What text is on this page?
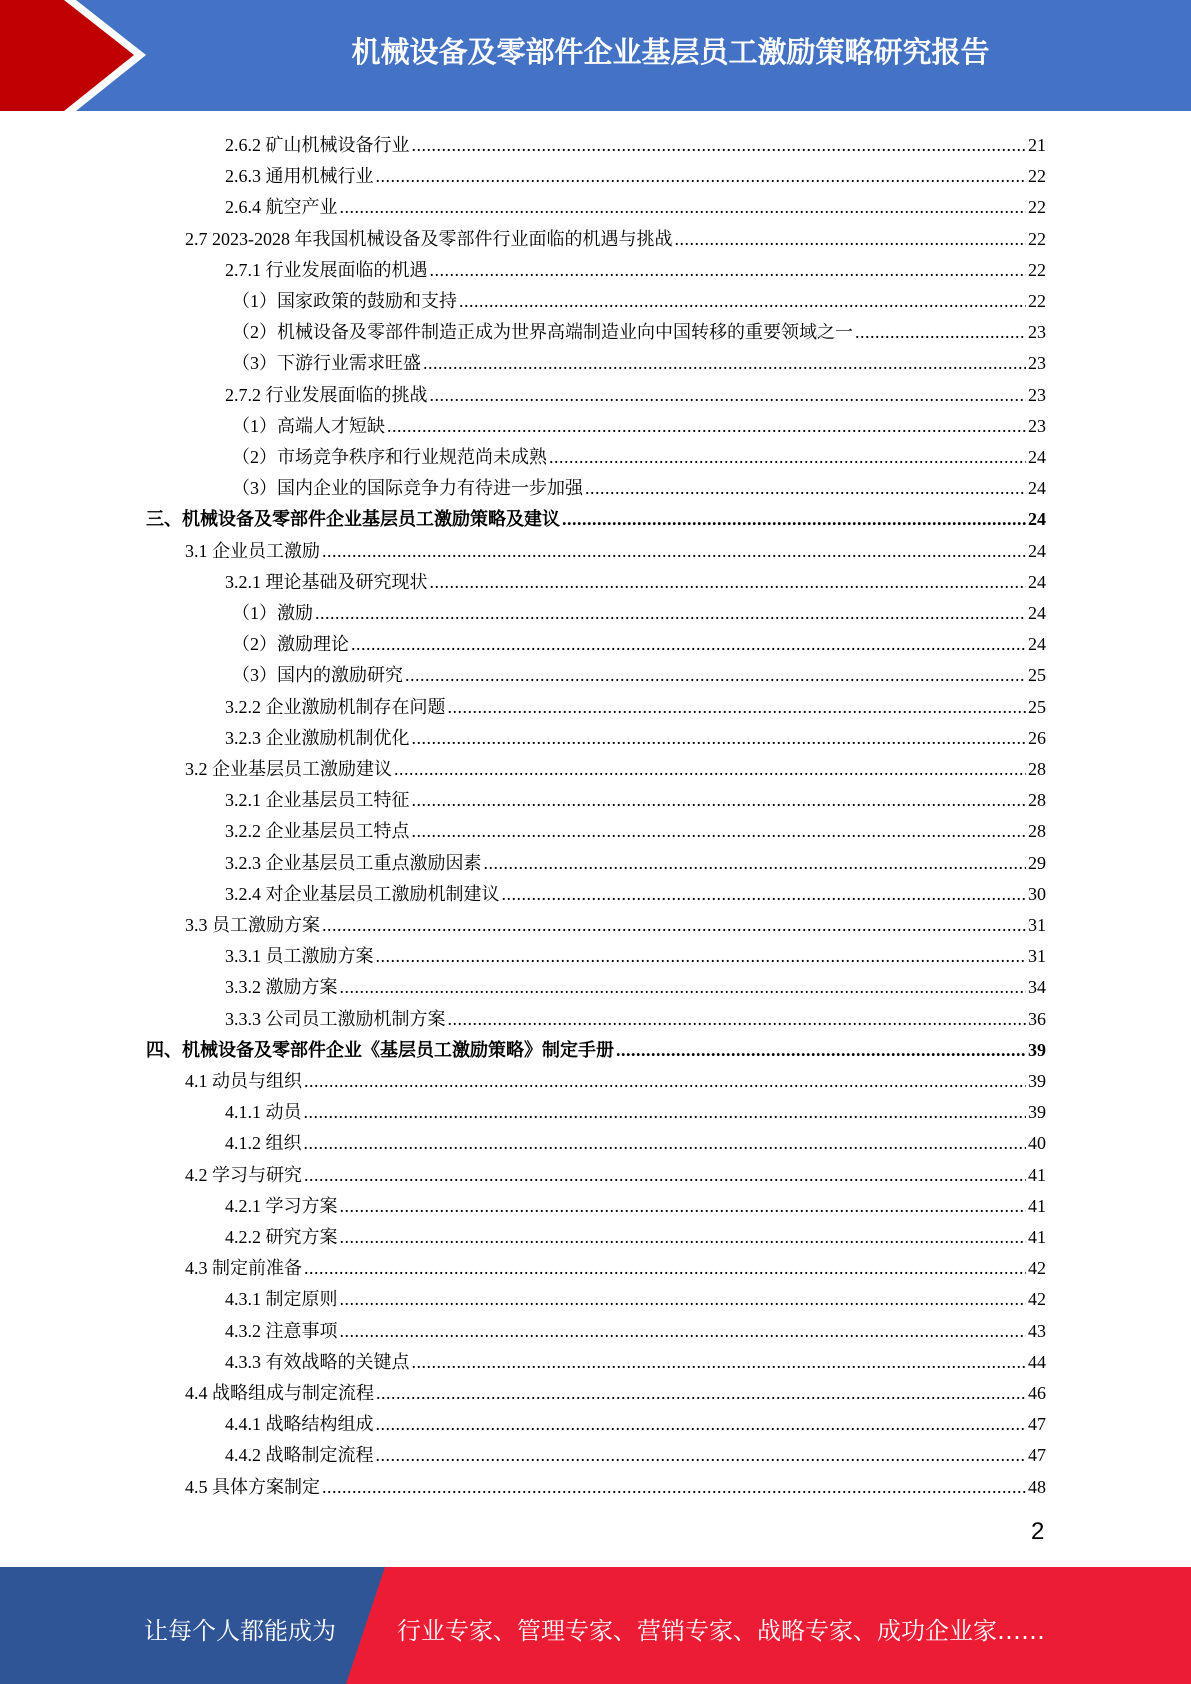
机械设备及零部件企业基层员工激励策略研究报告
2.6.2 矿山机械设备行业 .....	21
2.6.3 通用机械行业 .....	22
2.6.4 航空产业 .....	22
2.7 2023-2028 年我国机械设备及零部件行业面临的机遇与挑战 .....	22
2.7.1 行业发展面临的机遇 .....	22
（1）国家政策的鼓励和支持 .....	22
（2）机械设备及零部件制造正成为世界高端制造业向中国转移的重要领域之一 .....	23
（3）下游行业需求旺盛 .....	23
2.7.2 行业发展面临的挑战 .....	23
（1）高端人才短缺 .....	23
（2）市场竞争秩序和行业规范尚未成熟 .....	24
（3）国内企业的国际竞争力有待进一步加强 .....	24
三、机械设备及零部件企业基层员工激励策略及建议 .....	24
3.1 企业员工激励 .....	24
3.2.1 理论基础及研究现状 .....	24
（1）激励 .....	24
（2）激励理论 .....	24
（3）国内的激励研究 .....	25
3.2.2 企业激励机制存在问题 .....	25
3.2.3 企业激励机制优化 .....	26
3.2 企业基层员工激励建议 .....	28
3.2.1 企业基层员工特征 .....	28
3.2.2 企业基层员工特点 .....	28
3.2.3 企业基层员工重点激励因素 .....	29
3.2.4 对企业基层员工激励机制建议 .....	30
3.3 员工激励方案 .....	31
3.3.1 员工激励方案 .....	31
3.3.2 激励方案 .....	34
3.3.3 公司员工激励机制方案 .....	36
四、机械设备及零部件企业《基层员工激励策略》制定手册 .....	39
4.1 动员与组织 .....	39
4.1.1 动员 .....	39
4.1.2 组织 .....	40
4.2 学习与研究 .....	41
4.2.1 学习方案 .....	41
4.2.2 研究方案 .....	41
4.3 制定前准备 .....	42
4.3.1 制定原则 .....	42
4.3.2 注意事项 .....	43
4.3.3 有效战略的关键点 .....	44
4.4 战略组成与制定流程 .....	46
4.4.1 战略结构组成 .....	47
4.4.2 战略制定流程 .....	47
4.5 具体方案制定 .....	48
2
让每个人都能成为	行业专家、管理专家、营销专家、战略专家、成功企业家……
